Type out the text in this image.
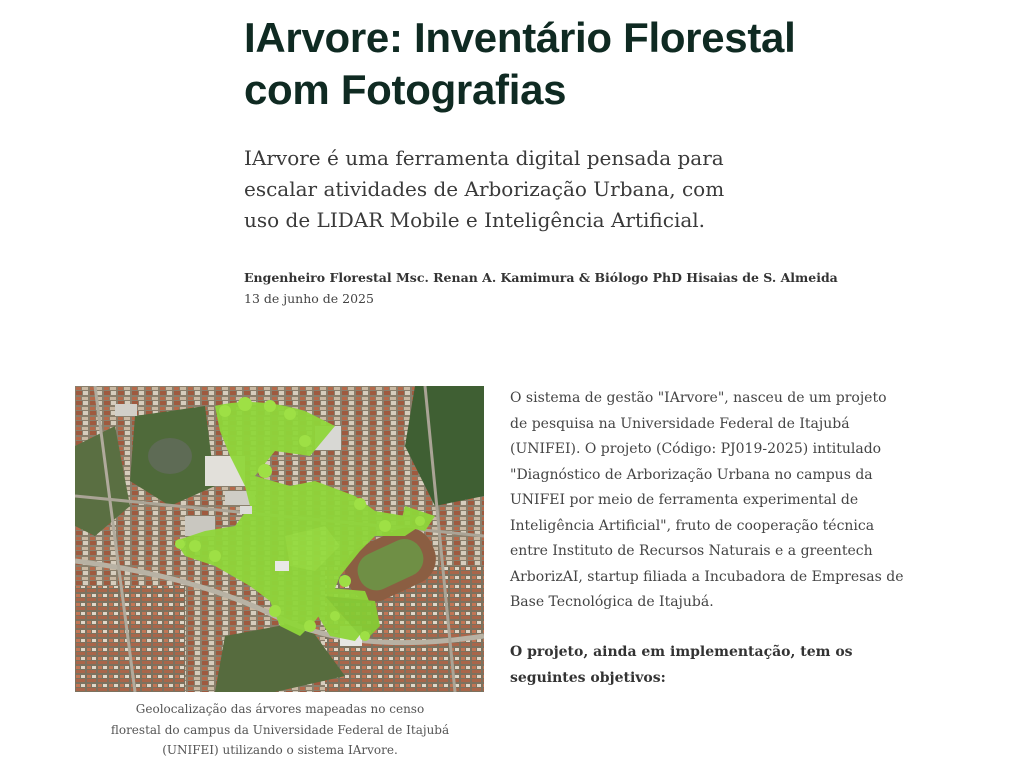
IArvore: Inventário Florestal com Fotografias

IArvore é uma ferramenta digital pensada para escalar atividades de Arborização Urbana, com uso de LIDAR Mobile e Inteligência Artificial.

Engenheiro Florestal Msc. Renan A. Kamimura & Biólogo PhD Hisaias de S. Almeida
13 de junho de 2025
Geolocalização das árvores mapeadas no censo florestal do campus da Universidade Federal de Itajubá (UNIFEI) utilizando o sistema IArvore.

O sistema de gestão "IArvore", nasceu de um projeto de pesquisa na Universidade Federal de Itajubá (UNIFEI). O projeto (Código: PJ019-2025) intitulado "Diagnóstico de Arborização Urbana no campus da UNIFEI por meio de ferramenta experimental de Inteligência Artificial", fruto de cooperação técnica entre Instituto de Recursos Naturais e a greentech ArborizAI, startup filiada a Incubadora de Empresas de Base Tecnológica de Itajubá.

O projeto, ainda em implementação, tem os seguintes objetivos:
